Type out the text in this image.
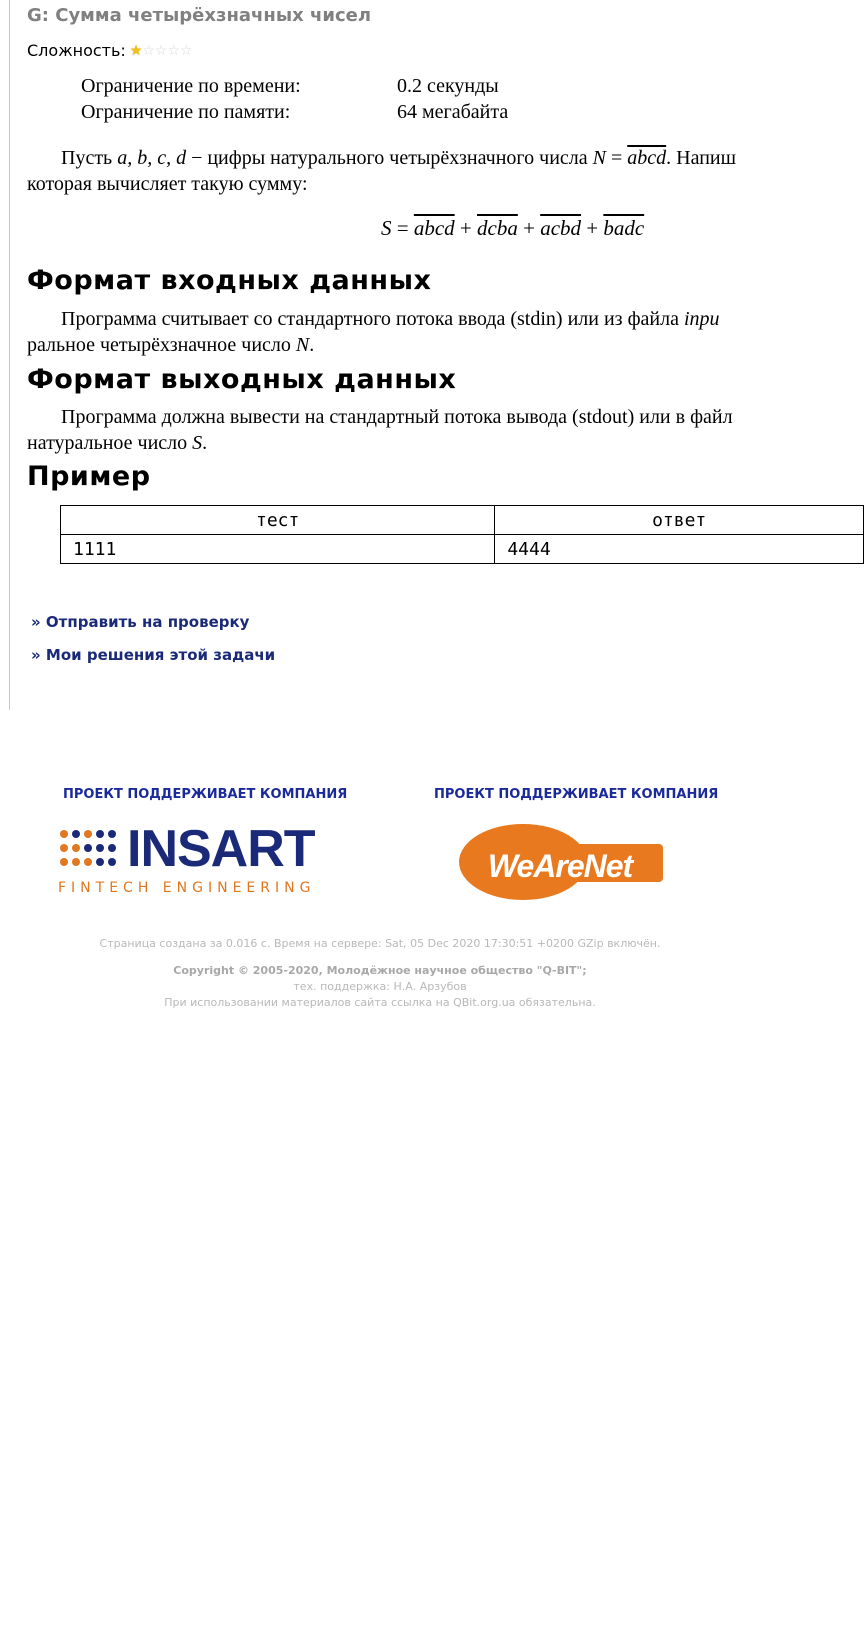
G: Сумма четырёхзначных чисел
Сложность: ★ ☆ ☆ ☆ ☆
Ограничение по времени:	0.2 секунды
Ограничение по памяти:	64 мегабайта
Пусть a, b, c, d − цифры натурального четырёхзначного числа N = abcd. Напиш
которая вычисляет такую сумму:
S = abcd + dcba + acbd + badc
Формат входных данных
Программа считывает со стандартного потока ввода (stdin) или из файла inpu
ральное четырёхзначное число N.
Формат выходных данных
Программа должна вывести на стандартный потока вывода (stdout) или в файл
натуральное число S.
Пример
тест	ответ
1111	4444
» Отправить на проверку
» Мои решения этой задачи
ПРОЕКТ ПОДДЕРЖИВАЕТ КОМПАНИЯ	ПРОЕКТ ПОДДЕРЖИВАЕТ КОМПАНИЯ
INSART
FINTECH ENGINEERING
WeAreNet
Страница создана за 0.016 с. Время на сервере: Sat, 05 Dec 2020 17:30:51 +0200 GZip включён.
Copyright © 2005-2020, Молодёжное научное общество "Q-BIT";
тех. поддержка: Н.А. Арзубов
При использовании материалов сайта ссылка на QBit.org.ua обязательна.
